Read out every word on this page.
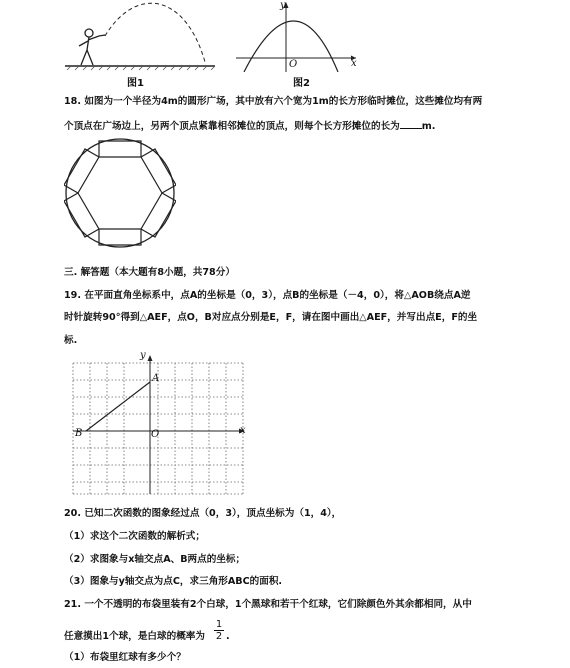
图1
y
x
O
图2
18. 如图为一个半径为4m的圆形广场，其中放有六个宽为1m的长方形临时摊位，这些摊位均有两
个顶点在广场边上，另两个顶点紧靠相邻摊位的顶点，则每个长方形摊位的长为 m.
三. 解答题（本大题有8小题，共78分）
19. 在平面直角坐标系中，点A的坐标是（0，3），点B的坐标是（－4，0），将△AOB绕点A逆
时针旋转90°得到△AEF，点O，B对应点分别是E，F，请在图中画出△AEF，并写出点E，F的坐
标.
y
x
A
B	O
20. 已知二次函数的图象经过点（0，3），顶点坐标为（1，4），
（1）求这个二次函数的解析式；
（2）求图象与x轴交点A、B两点的坐标；
（3）图象与y轴交点为点C，求三角形ABC的面积.
21. 一个不透明的布袋里装有2个白球，1个黑球和若干个红球，它们除颜色外其余都相同，从中
任意摸出1个球，是白球的概率为
1
2 .
（1）布袋里红球有多少个？
